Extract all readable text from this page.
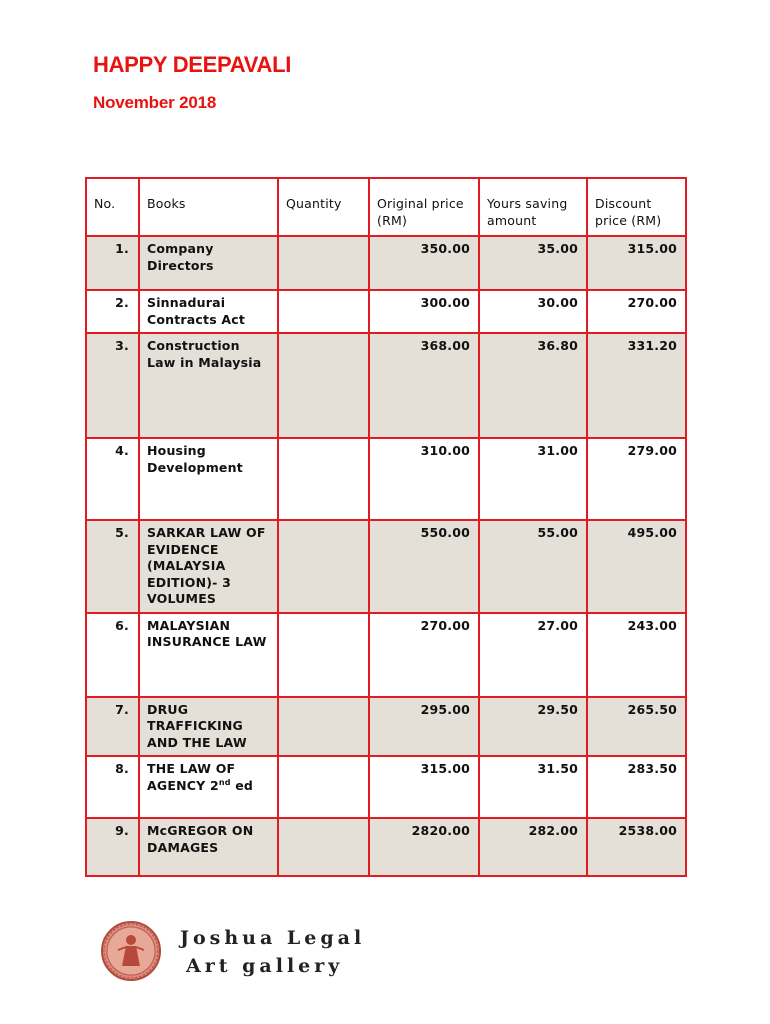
HAPPY DEEPAVALI
November 2018
No.	Books	Quantity	Original price (RM)	Yours saving amount	Discount price (RM)
1.	Company Directors		350.00	35.00	315.00
2.	Sinnadurai Contracts Act		300.00	30.00	270.00
3.	Construction Law in Malaysia		368.00	36.80	331.20
4.	Housing Development		310.00	31.00	279.00
5.	SARKAR LAW OF EVIDENCE (MALAYSIA EDITION)- 3 VOLUMES		550.00	55.00	495.00
6.	MALAYSIAN INSURANCE LAW		270.00	27.00	243.00
7.	DRUG TRAFFICKING AND THE LAW		295.00	29.50	265.50
8.	THE LAW OF AGENCY 2nd ed		315.00	31.50	283.50
9.	McGREGOR ON DAMAGES		2820.00	282.00	2538.00
Joshua Legal
Art gallery
